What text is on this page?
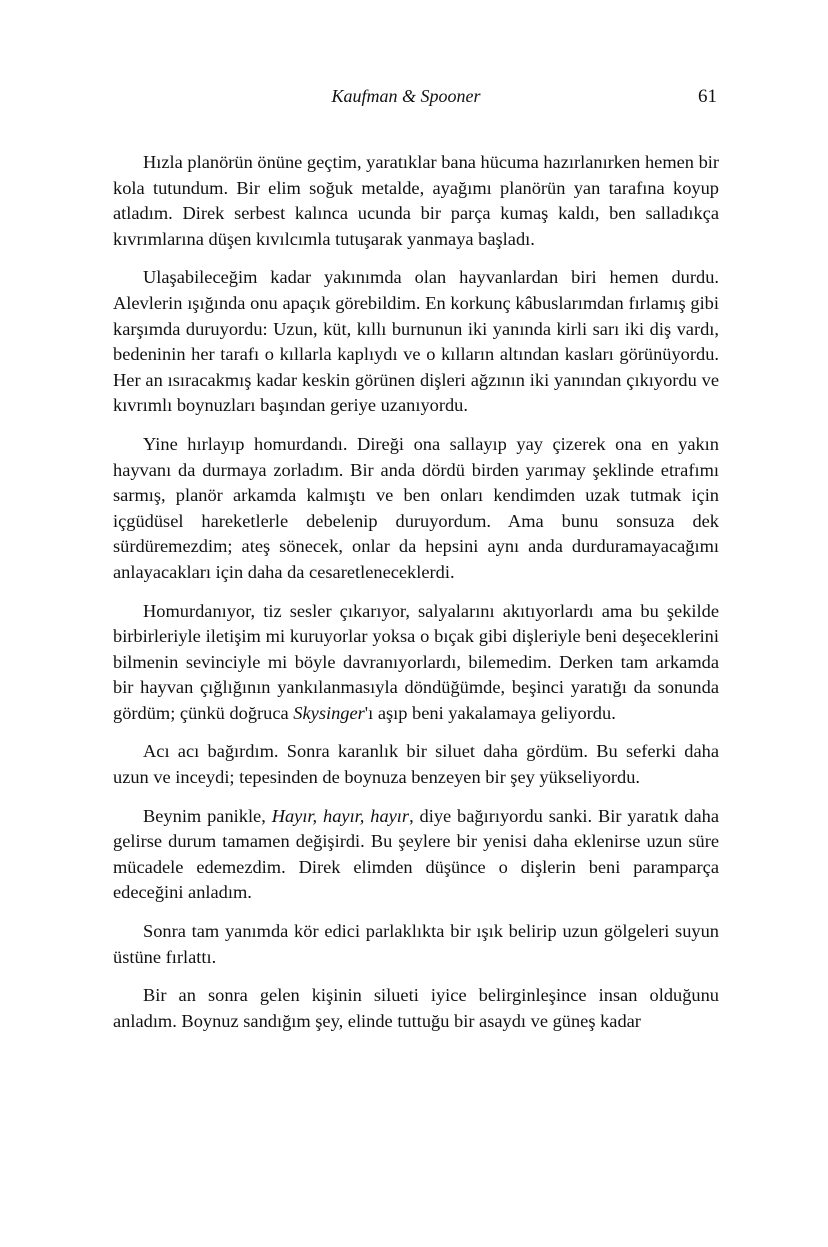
Kaufman & Spooner	61

Hızla planörün önüne geçtim, yaratıklar bana hücuma hazırlanırken hemen bir kola tutundum. Bir elim soğuk metalde, ayağımı planörün yan tarafına koyup atladım. Direk serbest kalınca ucunda bir parça kumaş kaldı, ben salladıkça kıvrımlarına düşen kıvılcımla tutuşarak yanmaya başladı.

Ulaşabileceğim kadar yakınımda olan hayvanlardan biri hemen durdu. Alevlerin ışığında onu apaçık görebildim. En korkunç kâbuslarımdan fırlamış gibi karşımda duruyordu: Uzun, küt, kıllı burnunun iki yanında kirli sarı iki diş vardı, bedeninin her tarafı o kıllarla kaplıydı ve o kılların altından kasları görünüyordu. Her an ısıracakmış kadar keskin görünen dişleri ağzının iki yanından çıkıyordu ve kıvrımlı boynuzları başından geriye uzanıyordu.

Yine hırlayıp homurdandı. Direği ona sallayıp yay çizerek ona en yakın hayvanı da durmaya zorladım. Bir anda dördü birden yarımay şeklinde etrafımı sarmış, planör arkamda kalmıştı ve ben onları kendimden uzak tutmak için içgüdüsel hareketlerle debelenip duruyordum. Ama bunu sonsuza dek sürdüremezdim; ateş sönecek, onlar da hepsini aynı anda durduramayacağımı anlayacakları için daha da cesaretleneceklerdi.

Homurdanıyor, tiz sesler çıkarıyor, salyalarını akıtıyorlardı ama bu şekilde birbirleriyle iletişim mi kuruyorlar yoksa o bıçak gibi dişleriyle beni deşeceklerini bilmenin sevinciyle mi böyle davranıyorlardı, bilemedim. Derken tam arkamda bir hayvan çığlığının yankılanmasıyla döndüğümde, beşinci yaratığı da sonunda gördüm; çünkü doğruca Skysinger'ı aşıp beni yakalamaya geliyordu.

Acı acı bağırdım. Sonra karanlık bir siluet daha gördüm. Bu seferki daha uzun ve inceydi; tepesinden de boynuza benzeyen bir şey yükseliyordu.

Beynim panikle, Hayır, hayır, hayır, diye bağırıyordu sanki. Bir yaratık daha gelirse durum tamamen değişirdi. Bu şeylere bir yenisi daha eklenirse uzun süre mücadele edemezdim. Direk elimden düşünce o dişlerin beni paramparça edeceğini anladım.

Sonra tam yanımda kör edici parlaklıkta bir ışık belirip uzun gölgeleri suyun üstüne fırlattı.

Bir an sonra gelen kişinin silueti iyice belirginleşince insan olduğunu anladım. Boynuz sandığım şey, elinde tuttuğu bir asaydı ve güneş kadar
